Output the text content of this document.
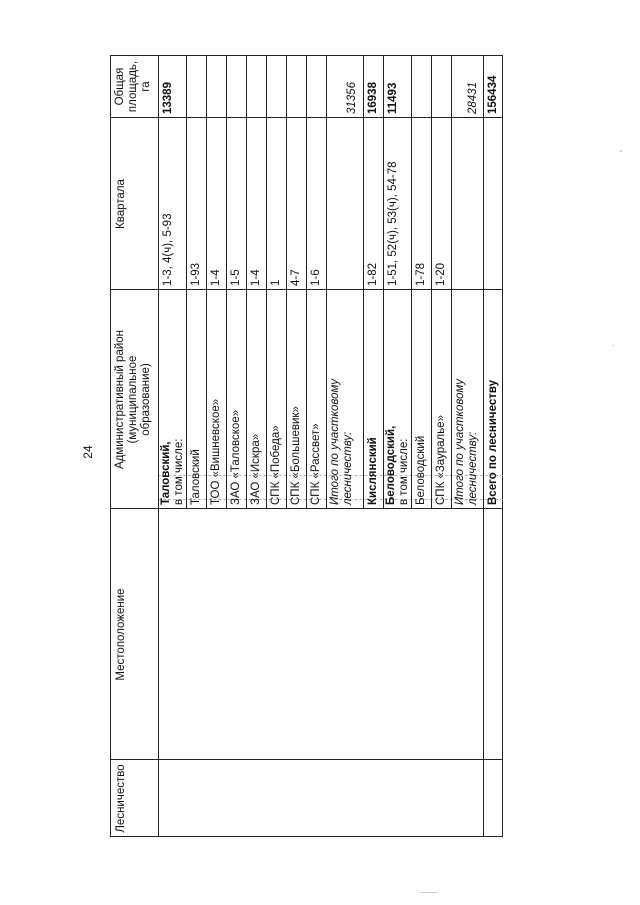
24
Лесничество
Местоположение
Административный район (муниципальное образование)
Квартала
Общая площадь, га
Таловский, в том числе:
1-3, 4(ч), 5-93
13389
Таловский
1-93
ТОО «Вишневское»
1-4
ЗАО «Таловское»
1-5
ЗАО «Искра»
1-4
СПК «Победа»
1
СПК «Большевик»
4-7
СПК «Рассвет»
1-6
Итого по участковому лесничеству:
31356
Кислянский
1-82
16938
Беловодский, в том числе:
1-51, 52(ч), 53(ч), 54-78
11493
Беловодский
1-78
СПК «Зауралье»
1-20
Итого по участковому лесничеству:
28431
Всего по лесничеству
156434
